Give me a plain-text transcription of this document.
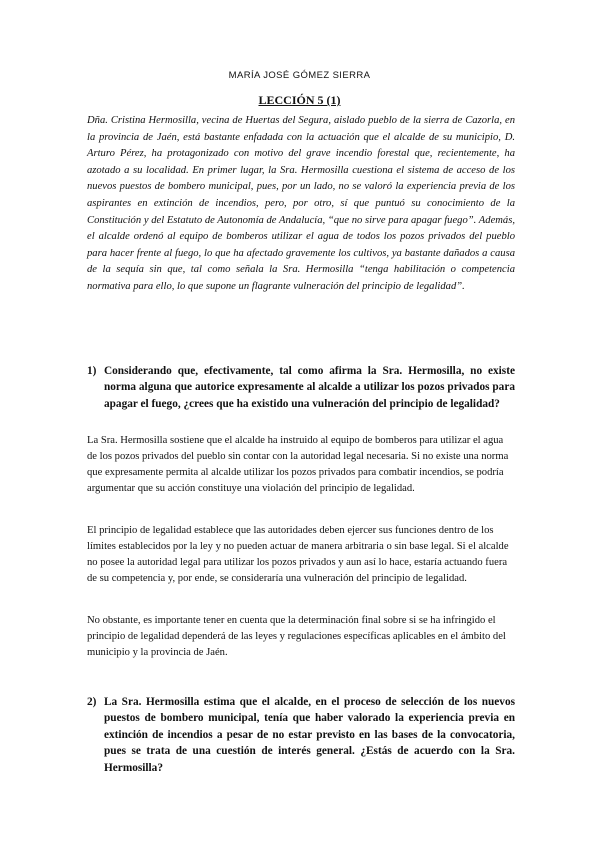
MARÍA JOSÉ GÓMEZ SIERRA
LECCIÓN 5 (1)

Dña. Cristina Hermosilla, vecina de Huertas del Segura, aislado pueblo de la sierra de Cazorla, en la provincia de Jaén, está bastante enfadada con la actuación que el alcalde de su municipio, D. Arturo Pérez, ha protagonizado con motivo del grave incendio forestal que, recientemente, ha azotado a su localidad. En primer lugar, la Sra. Hermosilla cuestiona el sistema de acceso de los nuevos puestos de bombero municipal, pues, por un lado, no se valoró la experiencia previa de los aspirantes en extinción de incendios, pero, por otro, sí que puntuó su conocimiento de la Constitución y del Estatuto de Autonomía de Andalucía, “que no sirve para apagar fuego”. Además, el alcalde ordenó al equipo de bomberos utilizar el agua de todos los pozos privados del pueblo para hacer frente al fuego, lo que ha afectado gravemente los cultivos, ya bastante dañados a causa de la sequía sin que, tal como señala la Sra. Hermosilla “tenga habilitación o competencia normativa para ello, lo que supone un flagrante vulneración del principio de legalidad”.

1) Considerando que, efectivamente, tal como afirma la Sra. Hermosilla, no existe norma alguna que autorice expresamente al alcalde a utilizar los pozos privados para apagar el fuego, ¿crees que ha existido una vulneración del principio de legalidad?

La Sra. Hermosilla sostiene que el alcalde ha instruido al equipo de bomberos para utilizar el agua de los pozos privados del pueblo sin contar con la autoridad legal necesaria. Si no existe una norma que expresamente permita al alcalde utilizar los pozos privados para combatir incendios, se podría argumentar que su acción constituye una violación del principio de legalidad.

El principio de legalidad establece que las autoridades deben ejercer sus funciones dentro de los límites establecidos por la ley y no pueden actuar de manera arbitraria o sin base legal. Si el alcalde no posee la autoridad legal para utilizar los pozos privados y aun así lo hace, estaría actuando fuera de su competencia y, por ende, se consideraría una vulneración del principio de legalidad.

No obstante, es importante tener en cuenta que la determinación final sobre si se ha infringido el principio de legalidad dependerá de las leyes y regulaciones específicas aplicables en el ámbito del municipio y la provincia de Jaén.

2) La Sra. Hermosilla estima que el alcalde, en el proceso de selección de los nuevos puestos de bombero municipal, tenía que haber valorado la experiencia previa en extinción de incendios a pesar de no estar previsto en las bases de la convocatoria, pues se trata de una cuestión de interés general. ¿Estás de acuerdo con la Sra. Hermosilla?
